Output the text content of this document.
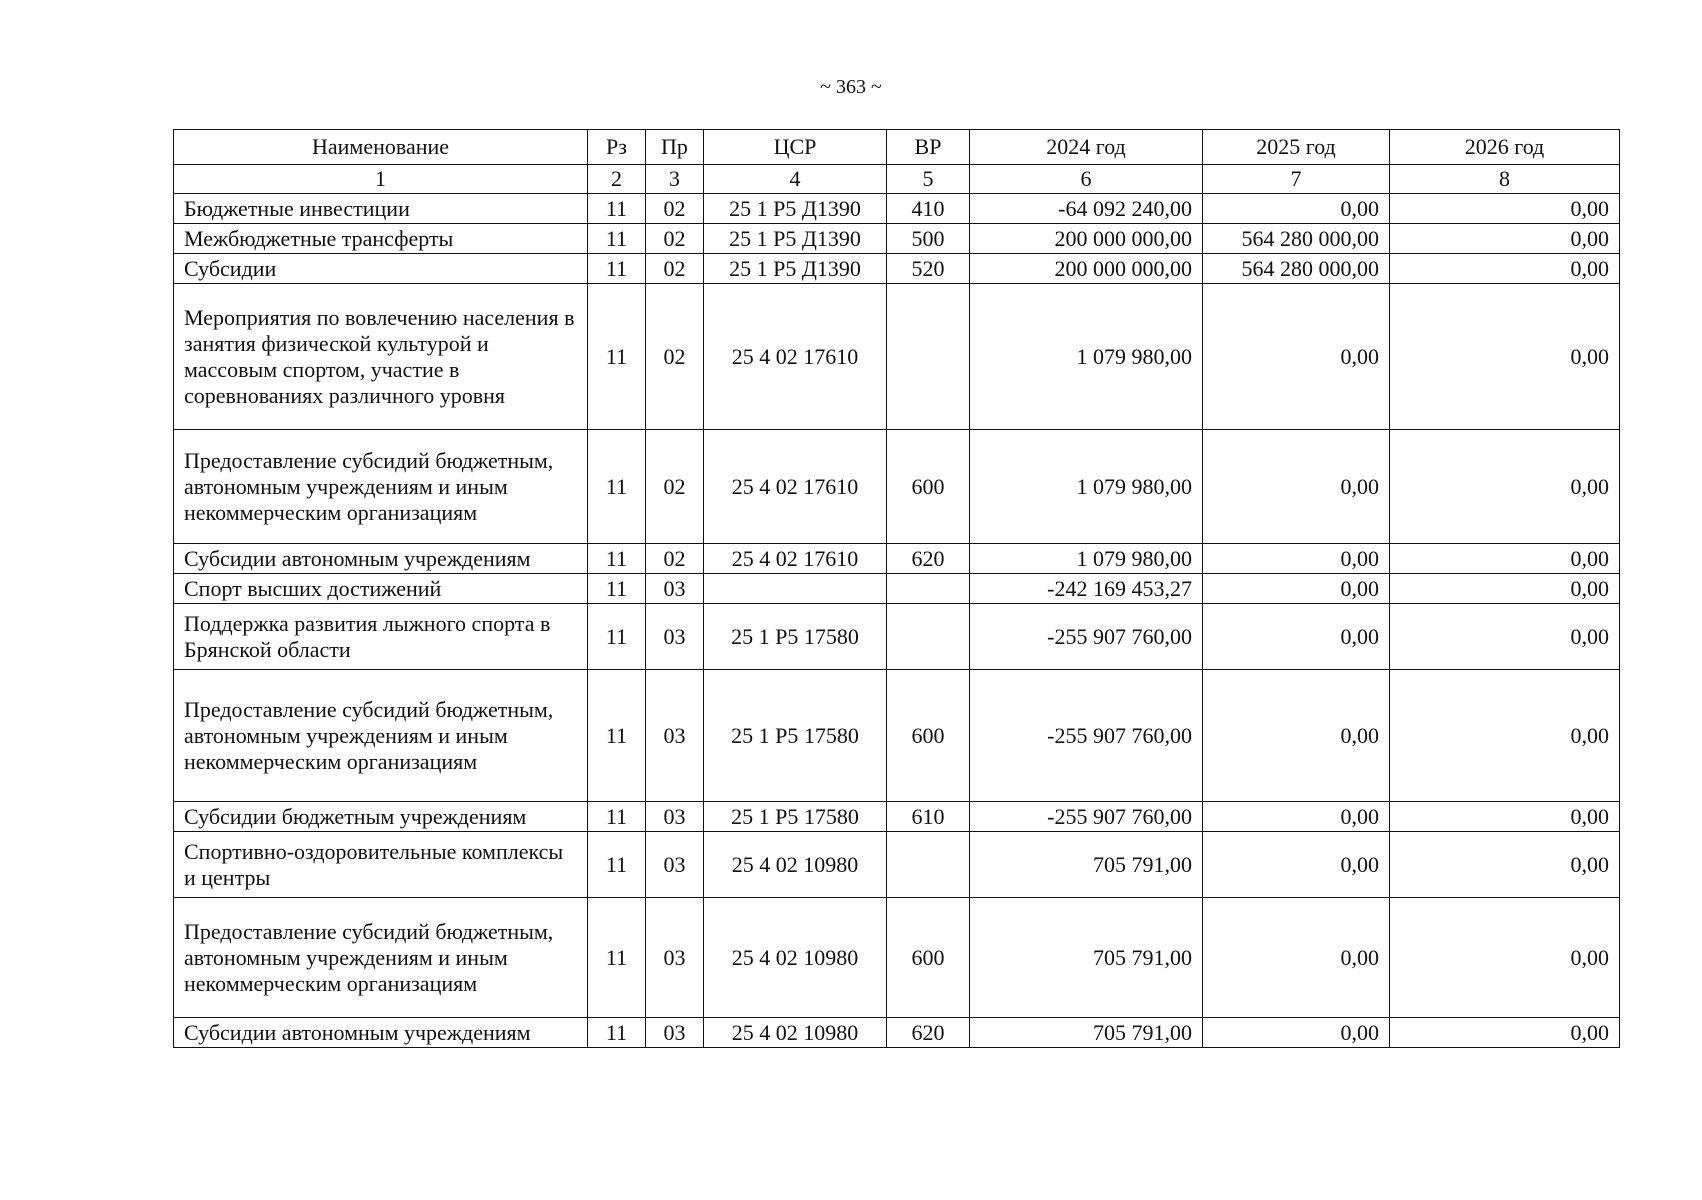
~ 363 ~
Наименование	Рз	Пр	ЦСР	ВР	2024 год	2025 год	2026 год
1	2	3	4	5	6	7	8
Бюджетные инвестиции	11	02	25 1 Р5 Д1390	410	-64 092 240,00	0,00	0,00
Межбюджетные трансферты	11	02	25 1 Р5 Д1390	500	200 000 000,00	564 280 000,00	0,00
Субсидии	11	02	25 1 Р5 Д1390	520	200 000 000,00	564 280 000,00	0,00
Мероприятия по вовлечению населения в занятия физической культурой и массовым спортом, участие в соревнованиях различного уровня	11	02	25 4 02 17610		1 079 980,00	0,00	0,00
Предоставление субсидий бюджетным, автономным учреждениям и иным некоммерческим организациям	11	02	25 4 02 17610	600	1 079 980,00	0,00	0,00
Субсидии автономным учреждениям	11	02	25 4 02 17610	620	1 079 980,00	0,00	0,00
Спорт высших достижений	11	03			-242 169 453,27	0,00	0,00
Поддержка развития лыжного спорта в Брянской области	11	03	25 1 Р5 17580		-255 907 760,00	0,00	0,00
Предоставление субсидий бюджетным, автономным учреждениям и иным некоммерческим организациям	11	03	25 1 Р5 17580	600	-255 907 760,00	0,00	0,00
Субсидии бюджетным учреждениям	11	03	25 1 Р5 17580	610	-255 907 760,00	0,00	0,00
Спортивно-оздоровительные комплексы и центры	11	03	25 4 02 10980		705 791,00	0,00	0,00
Предоставление субсидий бюджетным, автономным учреждениям и иным некоммерческим организациям	11	03	25 4 02 10980	600	705 791,00	0,00	0,00
Субсидии автономным учреждениям	11	03	25 4 02 10980	620	705 791,00	0,00	0,00
